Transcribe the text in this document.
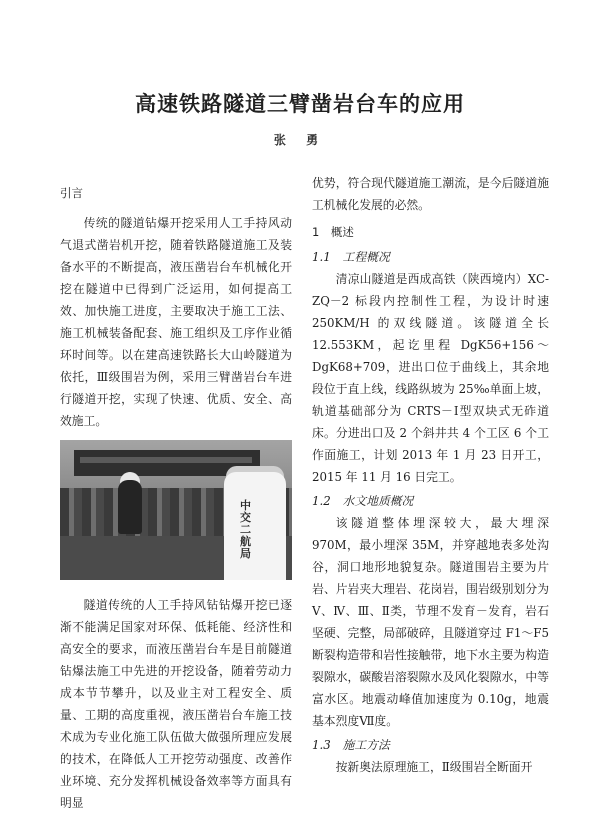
高速铁路隧道三臂凿岩台车的应用
张 勇
引言

传统的隧道钻爆开挖采用人工手持风动气退式凿岩机开挖，随着铁路隧道施工及装备水平的不断提高，液压凿岩台车机械化开挖在隧道中已得到广泛运用，如何提高工效、加快施工进度，主要取决于施工工法、施工机械装备配套、施工组织及工序作业循环时间等。以在建高速铁路长大山岭隧道为依托，Ⅲ级围岩为例，采用三臂凿岩台车进行隧道开挖，实现了快速、优质、安全、高效施工。

中交二航局

隧道传统的人工手持风钻钻爆开挖已逐渐不能满足国家对环保、低耗能、经济性和高安全的要求，而液压凿岩台车是目前隧道钻爆法施工中先进的开挖设备，随着劳动力成本节节攀升，以及业主对工程安全、质量、工期的高度重视，液压凿岩台车施工技术成为专业化施工队伍做大做强所理应发展的技术，在降低人工开挖劳动强度、改善作业环境、充分发挥机械设备效率等方面具有明显

优势，符合现代隧道施工潮流，是今后隧道施工机械化发展的必然。

1　概述
1.1　工程概况

清凉山隧道是西成高铁（陕西境内）XC-ZQ－2 标段内控制性工程，为设计时速250KM/H 的双线隧道。该隧道全长 12.553KM，起讫里程 DgK56+156～DgK68+709，进出口位于曲线上，其余地段位于直上线，线路纵坡为 25‰单面上坡，轨道基础部分为 CRTS－Ⅰ型双块式无砟道床。分进出口及 2 个斜井共 4 个工区 6 个工作面施工，计划 2013 年 1 月 23 日开工，2015 年 11 月 16 日完工。

1.2　水文地质概况

该隧道整体埋深较大，最大埋深 970M，最小埋深 35M，并穿越地表多处沟谷，洞口地形地貌复杂。隧道围岩主要为片岩、片岩夹大理岩、花岗岩，围岩级别划分为Ⅴ、Ⅳ、Ⅲ、Ⅱ类，节理不发育－发育，岩石坚硬、完整，局部破碎，且隧道穿过 F1～F5 断裂构造带和岩性接触带，地下水主要为构造裂隙水，碳酸岩溶裂隙水及风化裂隙水，中等富水区。地震动峰值加速度为 0.10g，地震基本烈度Ⅶ度。

1.3　施工方法

按新奥法原理施工，Ⅱ级围岩全断面开
